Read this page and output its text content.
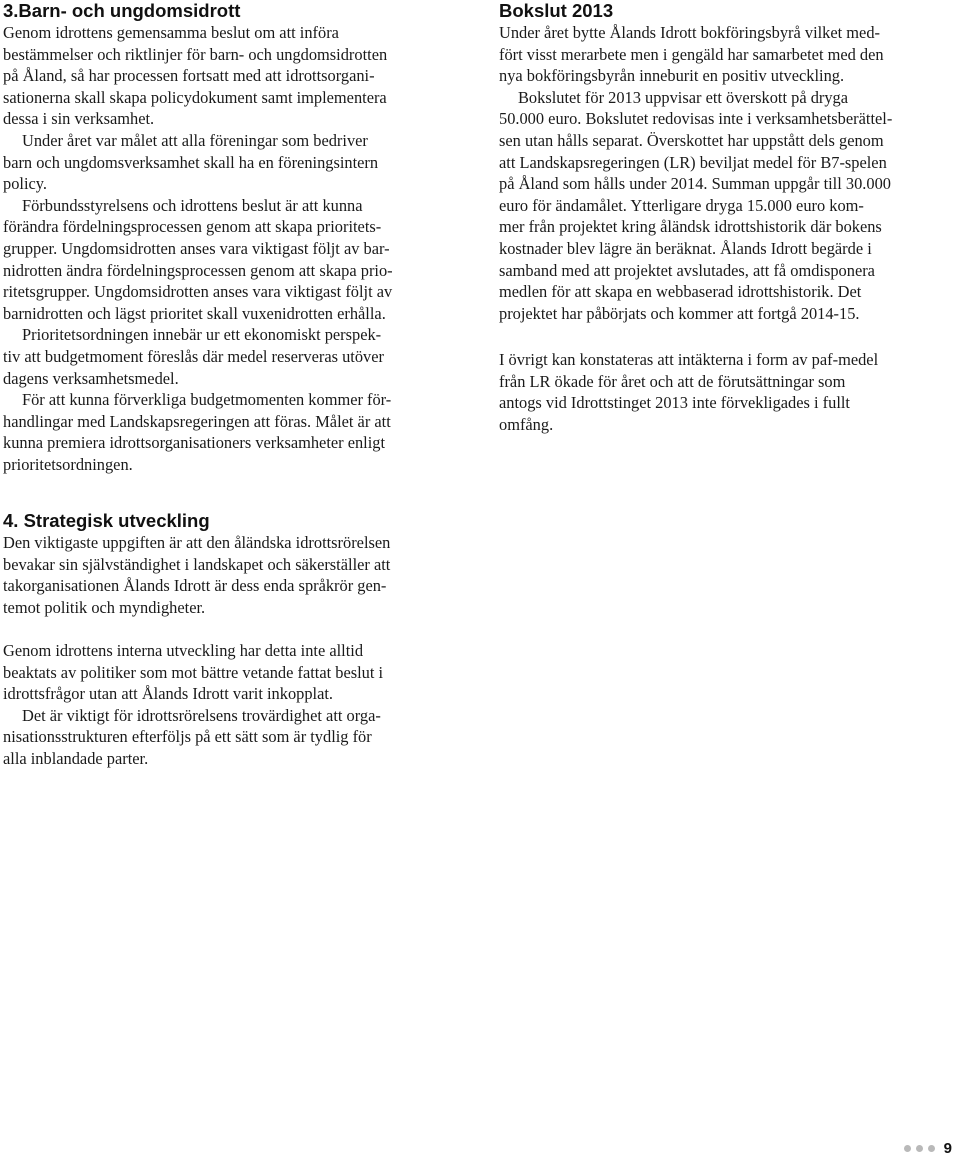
3.Barn- och ungdomsidrott

Genom idrottens gemensamma beslut om att införa
bestämmelser och riktlinjer för barn- och ungdomsidrotten
på Åland, så har processen fortsatt med att idrottsorgani-
sationerna skall skapa policydokument samt implementera
dessa i sin verksamhet.

Under året var målet att alla föreningar som bedriver
barn och ungdomsverksamhet skall ha en föreningsintern
policy.

Förbundsstyrelsens och idrottens beslut är att kunna
förändra fördelningsprocessen genom att skapa prioritets-
grupper. Ungdomsidrotten anses vara viktigast följt av bar-
nidrotten ändra fördelningsprocessen genom att skapa prio-
ritetsgrupper. Ungdomsidrotten anses vara viktigast följt av
barnidrotten och lägst prioritet skall vuxenidrotten erhålla.

Prioritetsordningen innebär ur ett ekonomiskt perspek-
tiv att budgetmoment föreslås där medel reserveras utöver
dagens verksamhetsmedel.

För att kunna förverkliga budgetmomenten kommer för-
handlingar med Landskapsregeringen att föras. Målet är att
kunna premiera idrottsorganisationers verksamheter enligt
prioritetsordningen.

4. Strategisk utveckling

Den viktigaste uppgiften är att den åländska idrottsrörelsen
bevakar sin självständighet i landskapet och säkerställer att
takorganisationen Ålands Idrott är dess enda språkrör gen-
temot politik och myndigheter.

Genom idrottens interna utveckling har detta inte alltid
beaktats av politiker som mot bättre vetande fattat beslut i
idrottsfrågor utan att Ålands Idrott varit inkopplat.

Det är viktigt för idrottsrörelsens trovärdighet att orga-
nisationsstrukturen efterföljs på ett sätt som är tydlig för
alla inblandade parter.

Bokslut 2013

Under året bytte Ålands Idrott bokföringsbyrå vilket med-
fört visst merarbete men i gengäld har samarbetet med den
nya bokföringsbyrån inneburit en positiv utveckling.

Bokslutet för 2013 uppvisar ett överskott på dryga
50.000 euro. Bokslutet redovisas inte i verksamhetsberättel-
sen utan hålls separat. Överskottet har uppstått dels genom
att Landskapsregeringen (LR) beviljat medel för B7-spelen
på Åland som hålls under 2014. Summan uppgår till 30.000
euro för ändamålet. Ytterligare dryga 15.000 euro kom-
mer från projektet kring åländsk idrottshistorik där bokens
kostnader blev lägre än beräknat. Ålands Idrott begärde i
samband med att projektet avslutades, att få omdisponera
medlen för att skapa en webbaserad idrottshistorik. Det
projektet har påbörjats och kommer att fortgå 2014-15.

I övrigt kan konstateras att intäkterna i form av paf-medel
från LR ökade för året och att de förutsättningar som
antogs vid Idrottstinget 2013 inte förvekligades i fullt
omfång.

9
